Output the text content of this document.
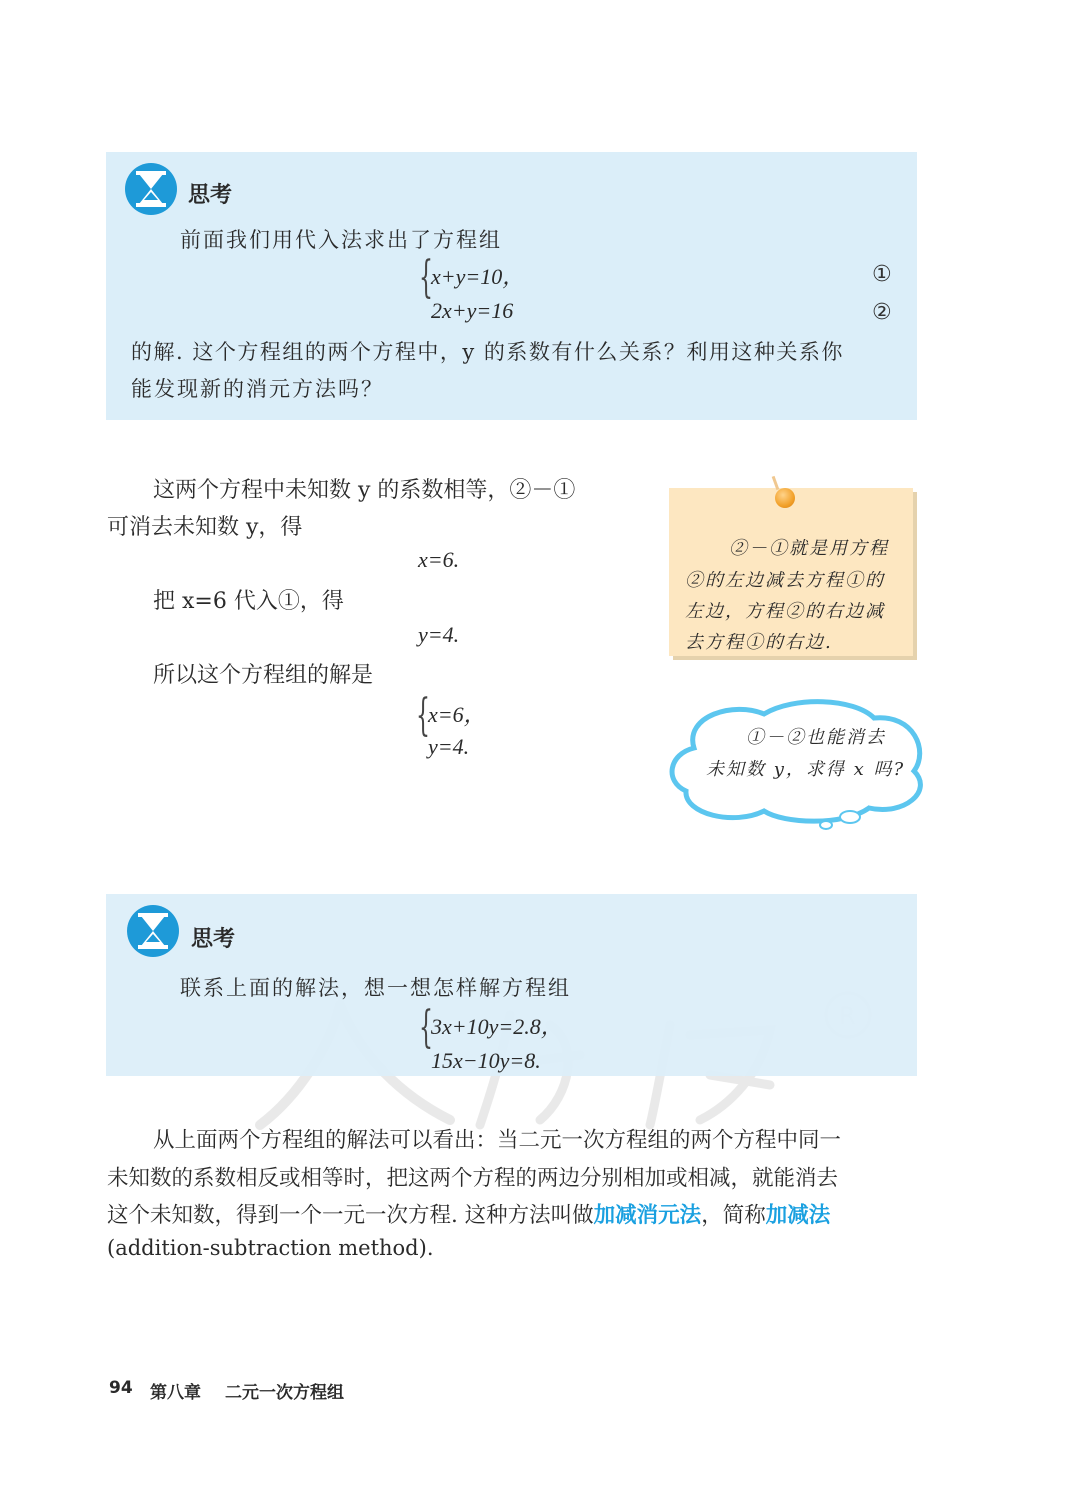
思考
前面我们用代入法求出了方程组
{
x+y=10，
2x+y=16
①
②
的解. 这个方程组的两个方程中，y 的系数有什么关系？利用这种关系你
能发现新的消元方法吗？
这两个方程中未知数 y 的系数相等，②－①
可消去未知数 y，得
x=6.
把 x=6 代入①，得
y=4.
所以这个方程组的解是
{
x=6，
y=4.
②－①就是用方程
②的左边减去方程①的
左边，方程②的右边减
去方程①的右边.
①－②也能消去
未知数 y，求得 x 吗?
思考
联系上面的解法，想一想怎样解方程组
{
3x+10y=2.8，
15x−10y=8.
从上面两个方程组的解法可以看出：当二元一次方程组的两个方程中同一
未知数的系数相反或相等时，把这两个方程的两边分别相加或相减，就能消去
这个未知数，得到一个一元一次方程. 这种方法叫做加减消元法，简称加减法
(addition-subtraction method).
94 第八章 二元一次方程组
